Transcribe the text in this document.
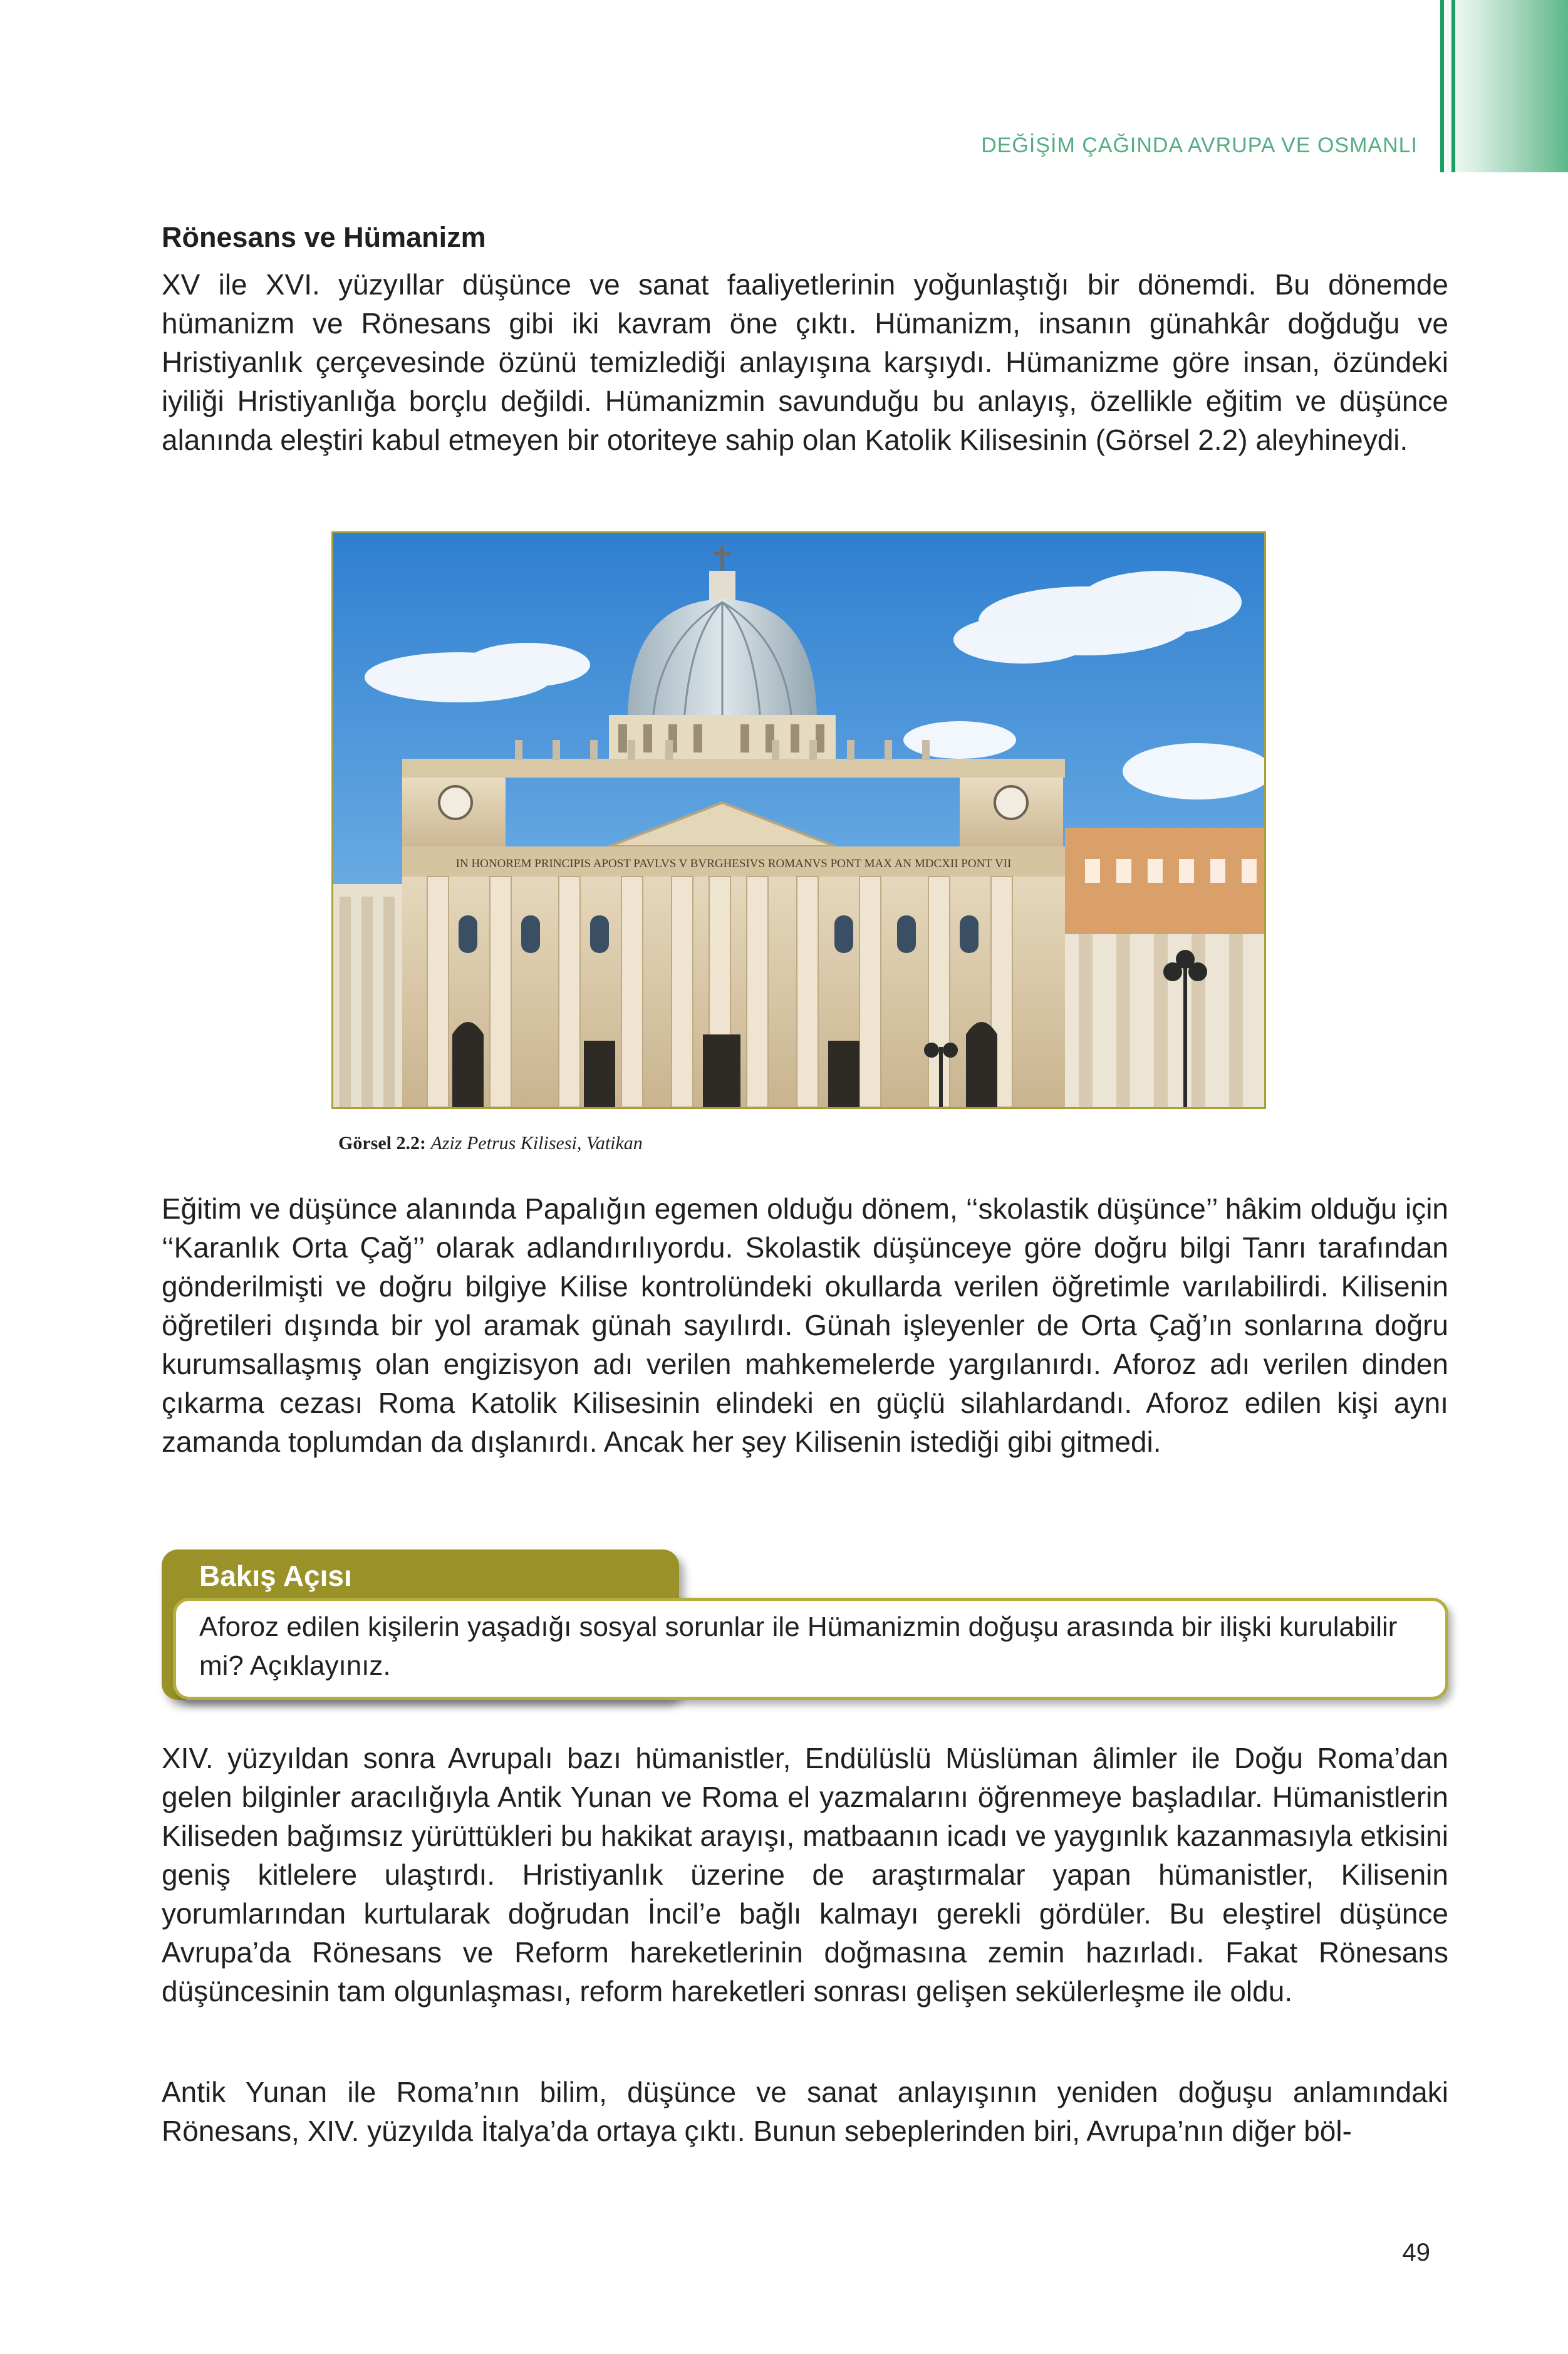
DEĞİŞİM ÇAĞINDA AVRUPA VE OSMANLI
Rönesans ve Hümanizm

XV ile XVI. yüzyıllar düşünce ve sanat faaliyetlerinin yoğunlaştığı bir dönemdi. Bu dönemde hümanizm ve Rönesans gibi iki kavram öne çıktı. Hümanizm, insanın günahkâr doğduğu ve Hristiyanlık çerçevesinde özünü temizlediği anlayışına karşıydı. Hümanizme göre insan, özündeki iyiliği Hristiyanlığa borçlu değildi. Hümanizmin savunduğu bu anlayış, özellikle eğitim ve düşünce alanında eleştiri kabul etmeyen bir otoriteye sahip olan Katolik Kilisesinin (Görsel 2.2) aleyhineydi.

IN HONOREM PRINCIPIS APOST PAVLVS V BVRGHESIVS ROMANVS PONT MAX AN MDCXII PONT VII
Görsel 2.2: Aziz Petrus Kilisesi, Vatikan

Eğitim ve düşünce alanında Papalığın egemen olduğu dönem, ‘‘skolastik düşünce’’ hâkim olduğu için ‘‘Karanlık Orta Çağ’’ olarak adlandırılıyordu. Skolastik düşünceye göre doğru bilgi Tanrı tarafından gönderilmişti ve doğru bilgiye Kilise kontrolündeki okullarda verilen öğretimle varılabilirdi. Kilisenin öğretileri dışında bir yol aramak günah sayılırdı. Günah işleyenler de Orta Çağ’ın sonlarına doğru kurumsallaşmış olan engizisyon adı verilen mahkemelerde yargılanırdı. Aforoz adı verilen dinden çıkarma cezası Roma Katolik Kilisesinin elindeki en güçlü silahlardandı. Aforoz edilen kişi aynı zamanda toplumdan da dışlanırdı. Ancak her şey Kilisenin istediği gibi gitmedi.

Bakış Açısı

Aforoz edilen kişilerin yaşadığı sosyal sorunlar ile Hümanizmin doğuşu arasında bir ilişki kurulabilir mi? Açıklayınız.

XIV. yüzyıldan sonra Avrupalı bazı hümanistler, Endülüslü Müslüman âlimler ile Doğu Roma’dan gelen bilginler aracılığıyla Antik Yunan ve Roma el yazmalarını öğrenmeye başladılar. Hümanistlerin Kiliseden bağımsız yürüttükleri bu hakikat arayışı, matbaanın icadı ve yaygınlık kazanmasıyla etkisini geniş kitlelere ulaştırdı. Hristiyanlık üzerine de araştırmalar yapan hümanistler, Kilisenin yorumlarından kurtularak doğrudan İncil’e bağlı kalmayı gerekli gördüler. Bu eleştirel düşünce Avrupa’da Rönesans ve Reform hareketlerinin doğmasına zemin hazırladı. Fakat Rönesans düşüncesinin tam olgunlaşması, reform hareketleri sonrası gelişen sekülerleşme ile oldu.

Antik Yunan ile Roma’nın bilim, düşünce ve sanat anlayışının yeniden doğuşu anlamındaki Rönesans, XIV. yüzyılda İtalya’da ortaya çıktı. Bunun sebeplerinden biri, Avrupa’nın diğer böl-

49
